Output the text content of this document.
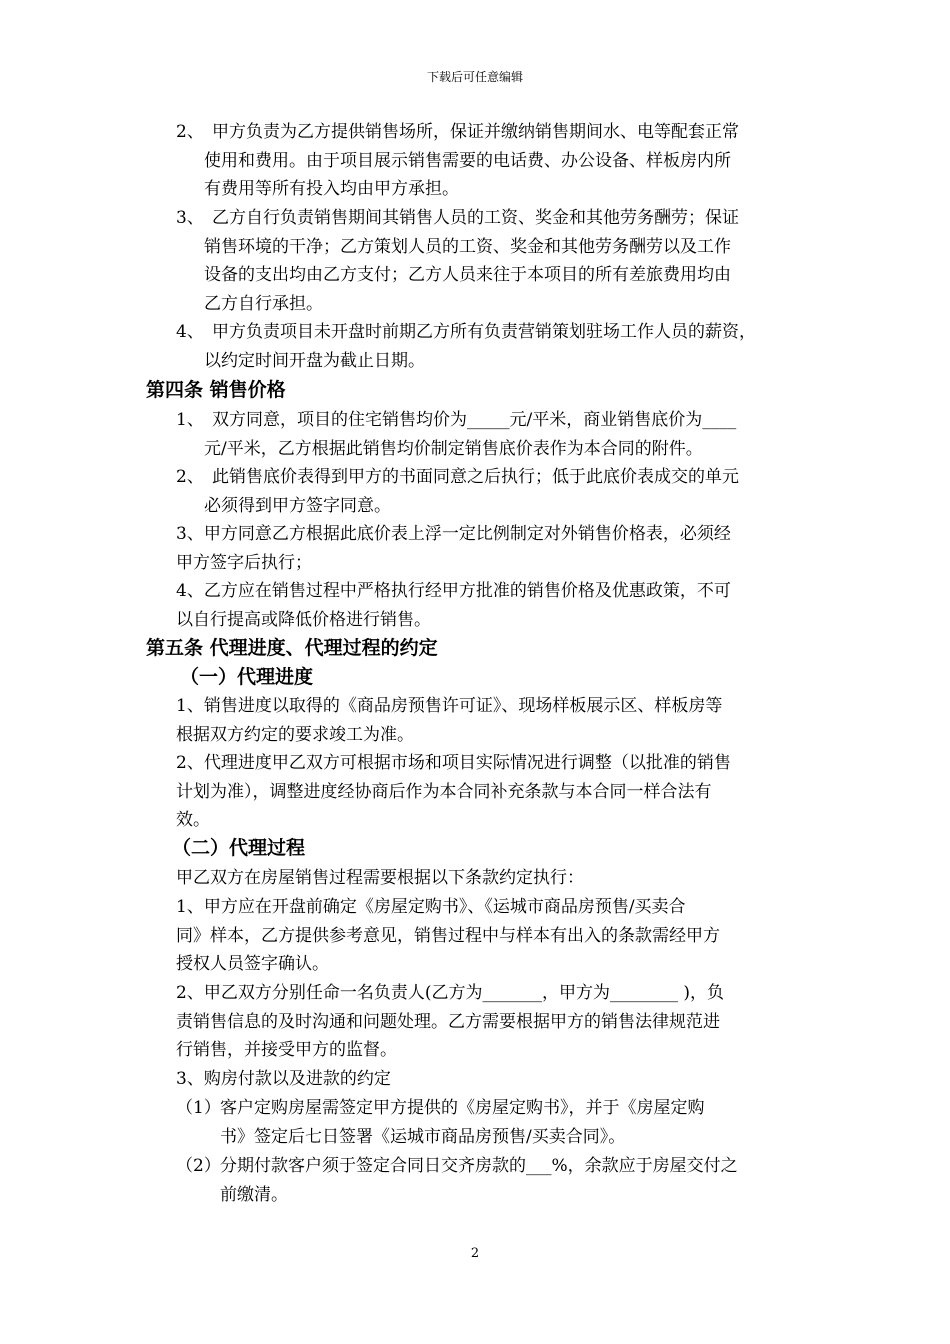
下载后可任意编辑
2、 甲方负责为乙方提供销售场所，保证并缴纳销售期间水、电等配套正常
使用和费用。由于项目展示销售需要的电话费、办公设备、样板房内所
有费用等所有投入均由甲方承担。
3、 乙方自行负责销售期间其销售人员的工资、奖金和其他劳务酬劳；保证
销售环境的干净；乙方策划人员的工资、奖金和其他劳务酬劳以及工作
设备的支出均由乙方支付；乙方人员来往于本项目的所有差旅费用均由
乙方自行承担。
4、 甲方负责项目未开盘时前期乙方所有负责营销策划驻场工作人员的薪资，
以约定时间开盘为截止日期。
第四条 销售价格
1、 双方同意，项目的住宅销售均价为_____元/平米，商业销售底价为____
元/平米，乙方根据此销售均价制定销售底价表作为本合同的附件。
2、 此销售底价表得到甲方的书面同意之后执行；低于此底价表成交的单元
必须得到甲方签字同意。
3、甲方同意乙方根据此底价表上浮一定比例制定对外销售价格表，必须经
甲方签字后执行；
4、乙方应在销售过程中严格执行经甲方批准的销售价格及优惠政策，不可
以自行提高或降低价格进行销售。
第五条 代理进度、代理过程的约定
（一）代理进度
1、销售进度以取得的《商品房预售许可证》、现场样板展示区、样板房等
根据双方约定的要求竣工为准。
2、代理进度甲乙双方可根据市场和项目实际情况进行调整（以批准的销售
计划为准），调整进度经协商后作为本合同补充条款与本合同一样合法有
效。
（二）代理过程
甲乙双方在房屋销售过程需要根据以下条款约定执行：
1、甲方应在开盘前确定《房屋定购书》、《运城市商品房预售/买卖合
同》样本，乙方提供参考意见，销售过程中与样本有出入的条款需经甲方
授权人员签字确认。
2、甲乙双方分别任命一名负责人(乙方为_______，甲方为________ )，负
责销售信息的及时沟通和问题处理。乙方需要根据甲方的销售法律规范进
行销售，并接受甲方的监督。
3、购房付款以及进款的约定
（1） 客户定购房屋需签定甲方提供的《房屋定购书》，并于《房屋定购
书》签定后七日签署《运城市商品房预售/买卖合同》。
（2） 分期付款客户须于签定合同日交齐房款的___%，余款应于房屋交付之
前缴清。
2
